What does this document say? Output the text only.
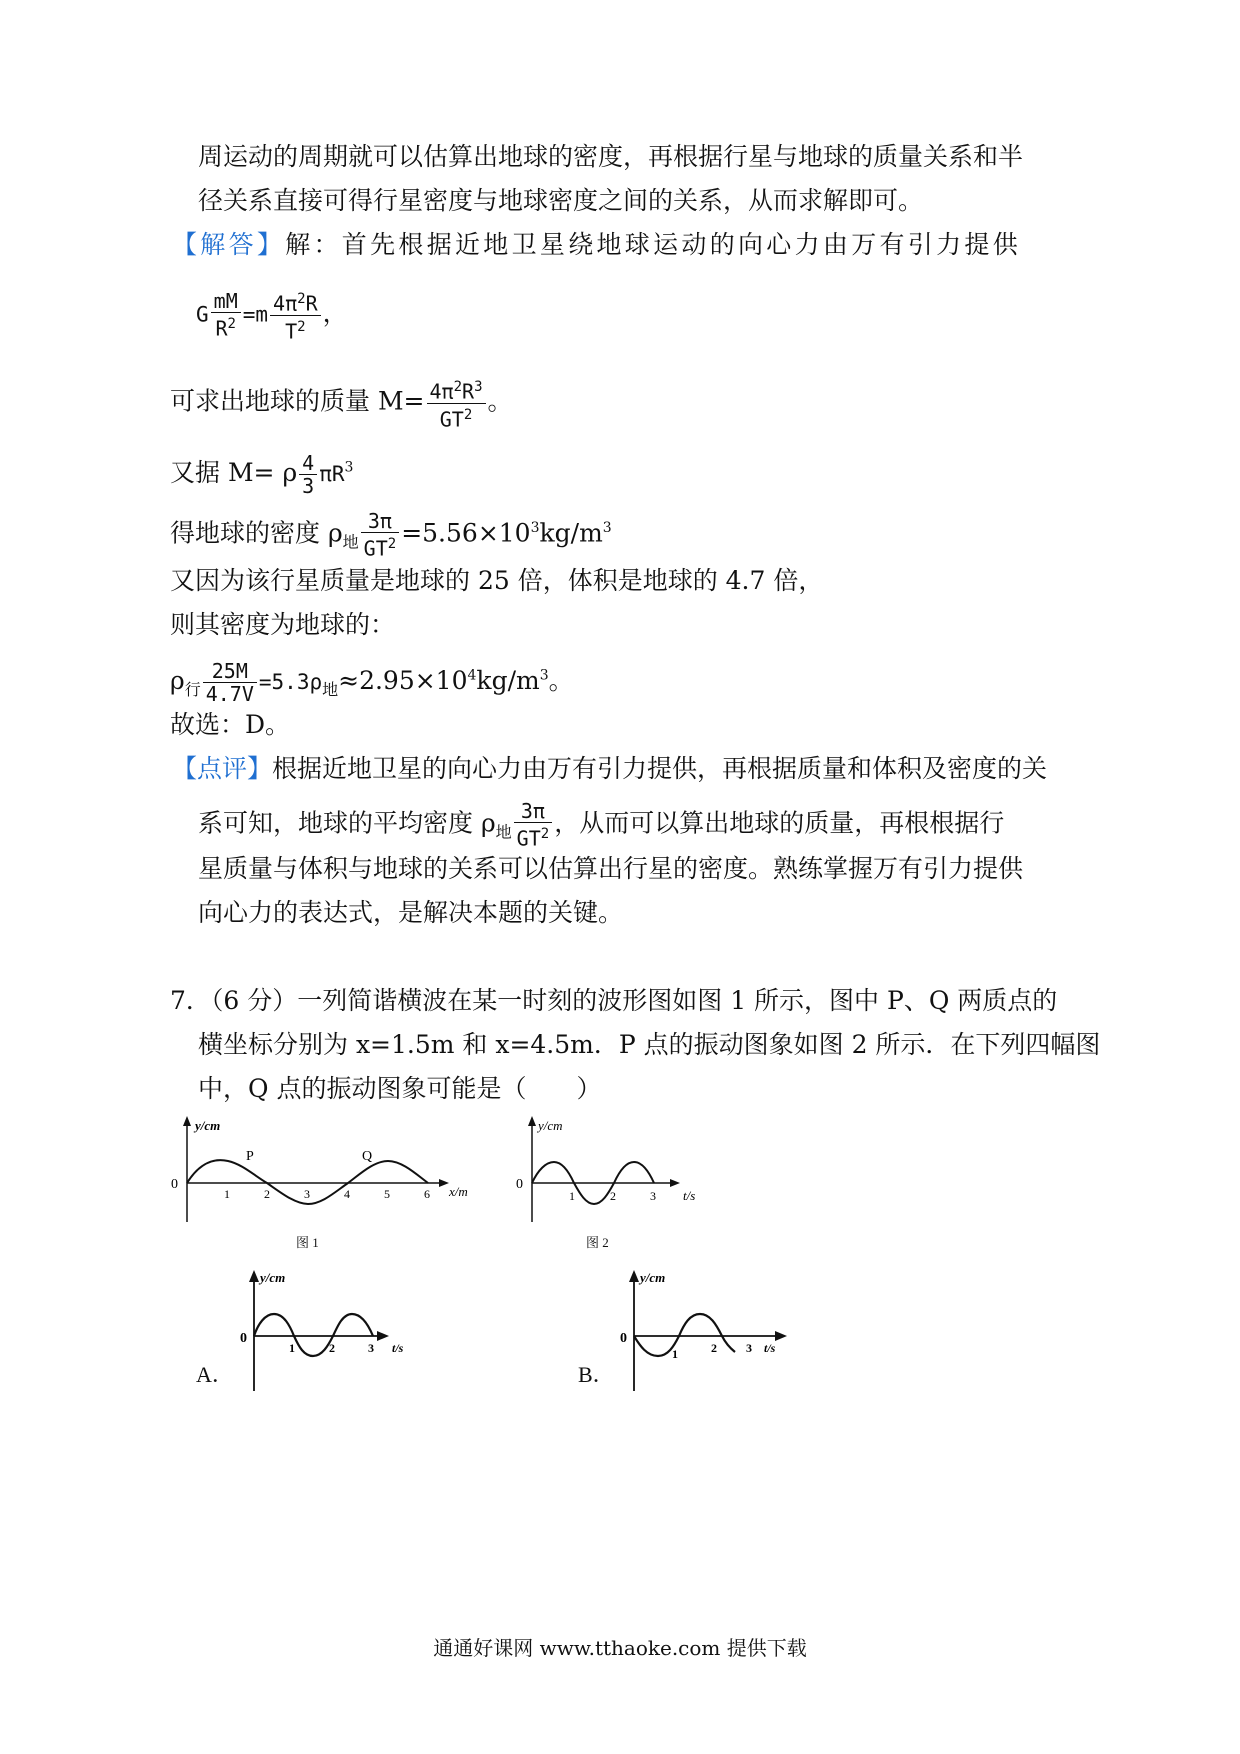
周运动的周期就可以估算出地球的密度，再根据行星与地球的质量关系和半
径关系直接可得行星密度与地球密度之间的关系，从而求解即可。
【解答】解：首先根据近地卫星绕地球运动的向心力由万有引力提供
G $\frac{mM}{R^2} =m \frac{4\pi^2R}{T^2}$ ，
可求出地球的质量 $M= \frac{4\pi^2R^3}{GT^2}$ 。
又据 M= ρ $\frac{4}{3} \pi R^3$
得地球的密度 $\rho_地 \frac{3\pi}{GT^2} =5.56\times 10^3kg/m^3$
又因为该行星质量是地球的 25 倍，体积是地球的 4.7 倍，
则其密度为地球的：
$\rho_行 \frac{25M}{4.7V} =5.3\rho_地\approx 2.95\times 10^4kg/m^3$。
故选：D。
【点评】根据近地卫星的向心力由万有引力提供，再根据质量和体积及密度的关
系可知，地球的平均密度 $\rho_地 \frac{3\pi}{GT^2}$ ，从而可以算出地球的质量，再根根据行
星质量与体积与地球的关系可以估算出行星的密度。熟练掌握万有引力提供
向心力的表达式，是解决本题的关键。
7．（6 分）一列简谐横波在某一时刻的波形图如图 1 所示，图中 P、Q 两质点的
横坐标分别为 x=1.5m 和 x=4.5m．P 点的振动图象如图 2 所示．在下列四幅图
中，Q 点的振动图象可能是（　　）
y/cm
0
P	Q
1	2	3	4	5	6 x/m
图 1
y/cm
0
1	2	3 t/s
图 2
A．
y/cm
0
1	2	3 t/s
B．
y/cm
0
1	2 3 t/s
通通好课网 www.tthaoke.com 提供下载
